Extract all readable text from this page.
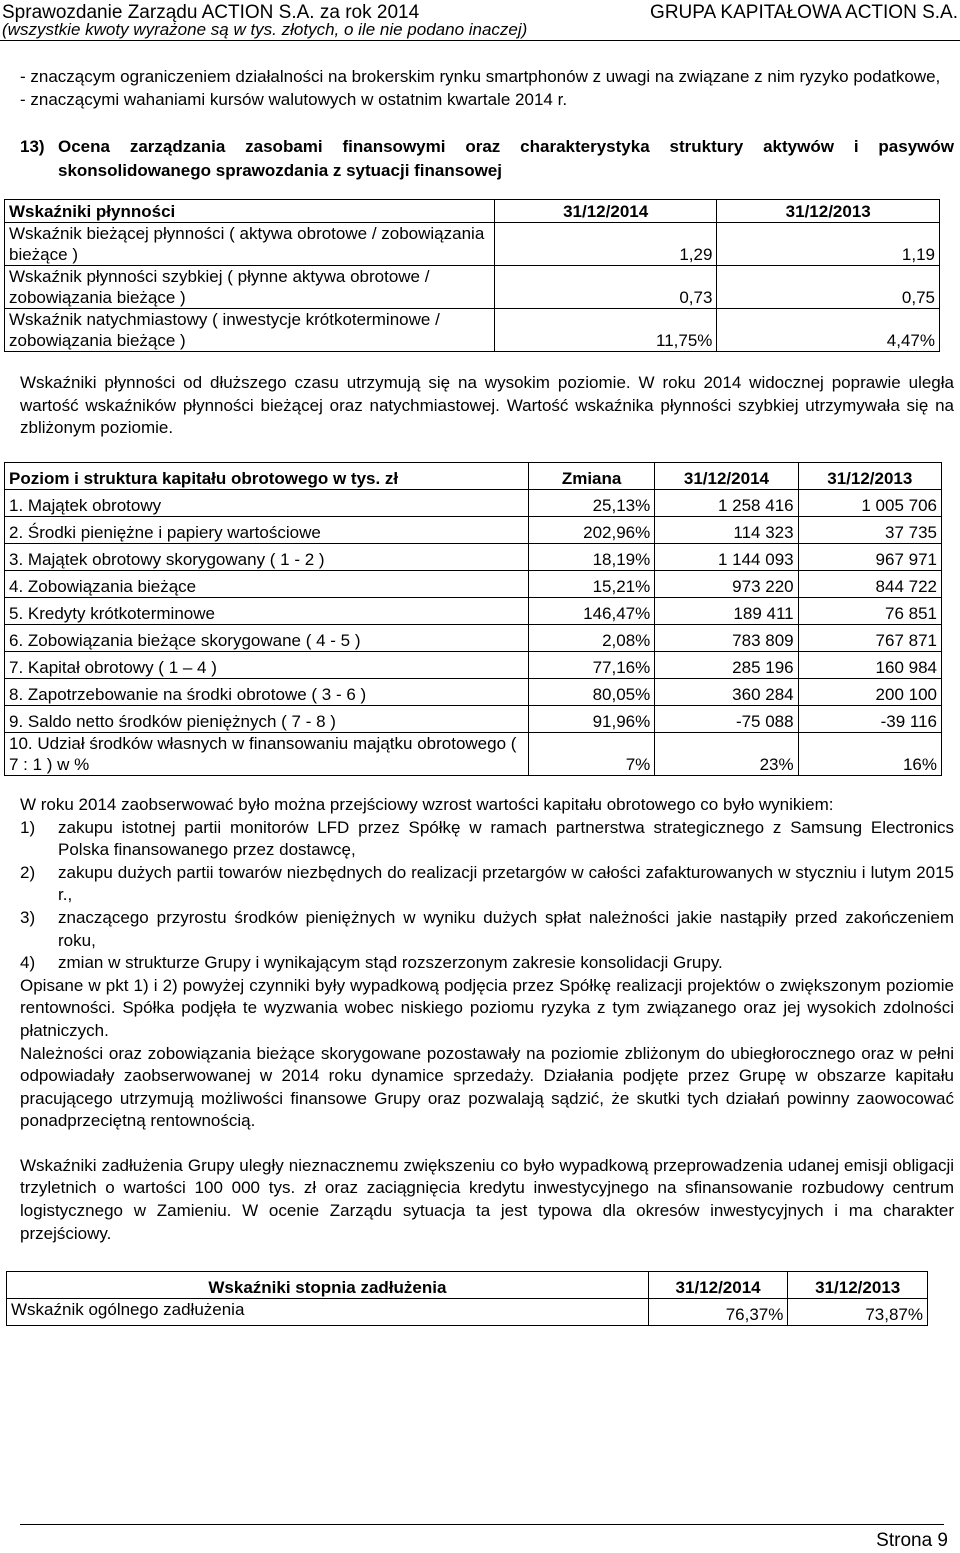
Sprawozdanie Zarządu ACTION S.A. za rok 2014	GRUPA KAPITAŁOWA ACTION S.A.
(wszystkie kwoty wyrażone są w tys. złotych, o ile nie podano inaczej)

- znaczącym ograniczeniem działalności na brokerskim rynku smartphonów z uwagi na związane z nim ryzyko podatkowe,

- znaczącymi wahaniami kursów walutowych w ostatnim kwartale 2014 r.

13) Ocena zarządzania zasobami finansowymi oraz charakterystyka struktury aktywów i pasywów skonsolidowanego sprawozdania z sytuacji finansowej
Wskaźniki płynności	31/12/2014	31/12/2013
Wskaźnik bieżącej płynności ( aktywa obrotowe / zobowiązania bieżące )	1,29	1,19
Wskaźnik płynności szybkiej ( płynne aktywa obrotowe / zobowiązania bieżące )	0,73	0,75
Wskaźnik natychmiastowy ( inwestycje krótkoterminowe / zobowiązania bieżące )	11,75%	4,47%

Wskaźniki płynności od dłuższego czasu utrzymują się na wysokim poziomie. W roku 2014 widocznej poprawie uległa wartość wskaźników płynności bieżącej oraz natychmiastowej. Wartość wskaźnika płynności szybkiej utrzymywała się na zbliżonym poziomie.

Poziom i struktura kapitału obrotowego w tys. zł	Zmiana	31/12/2014	31/12/2013
1. Majątek obrotowy	25,13%	1 258 416	1 005 706
2. Środki pieniężne i papiery wartościowe	202,96%	114 323	37 735
3. Majątek obrotowy skorygowany ( 1 - 2 )	18,19%	1 144 093	967 971
4. Zobowiązania bieżące	15,21%	973 220	844 722
5. Kredyty krótkoterminowe	146,47%	189 411	76 851
6. Zobowiązania bieżące skorygowane ( 4 - 5 )	2,08%	783 809	767 871
7. Kapitał obrotowy ( 1 – 4 )	77,16%	285 196	160 984
8. Zapotrzebowanie na środki obrotowe ( 3 - 6 )	80,05%	360 284	200 100
9. Saldo netto środków pieniężnych ( 7 - 8 )	91,96%	-75 088	-39 116
10. Udział środków własnych w finansowaniu majątku obrotowego ( 7 : 1 ) w %	7%	23%	16%

W roku 2014 zaobserwować było można przejściowy wzrost wartości kapitału obrotowego co było wynikiem:

1) zakupu istotnej partii monitorów LFD przez Spółkę w ramach partnerstwa strategicznego z Samsung Electronics Polska finansowanego przez dostawcę,
2) zakupu dużych partii towarów niezbędnych do realizacji przetargów w całości zafakturowanych w styczniu i lutym 2015 r.,
3) znaczącego przyrostu środków pieniężnych w wyniku dużych spłat należności jakie nastąpiły przed zakończeniem roku,
4) zmian w strukturze Grupy i wynikającym stąd rozszerzonym zakresie konsolidacji Grupy.

Opisane w pkt 1) i 2) powyżej czynniki były wypadkową podjęcia przez Spółkę realizacji projektów o zwiększonym poziomie rentowności. Spółka podjęła te wyzwania wobec niskiego poziomu ryzyka z tym związanego oraz jej wysokich zdolności płatniczych.

Należności oraz zobowiązania bieżące skorygowane pozostawały na poziomie zbliżonym do ubiegłorocznego oraz w pełni odpowiadały zaobserwowanej w 2014 roku dynamice sprzedaży. Działania podjęte przez Grupę w obszarze kapitału pracującego utrzymują możliwości finansowe Grupy oraz pozwalają sądzić, że skutki tych działań powinny zaowocować ponadprzeciętną rentownością.

Wskaźniki zadłużenia Grupy uległy nieznacznemu zwiększeniu co było wypadkową przeprowadzenia udanej emisji obligacji trzyletnich o wartości 100 000 tys. zł oraz zaciągnięcia kredytu inwestycyjnego na sfinansowanie rozbudowy centrum logistycznego w Zamieniu. W ocenie Zarządu sytuacja ta jest typowa dla okresów inwestycyjnych i ma charakter przejściowy.

Wskaźniki stopnia zadłużenia	31/12/2014	31/12/2013
Wskaźnik ogólnego zadłużenia	76,37%	73,87%
Strona 9
